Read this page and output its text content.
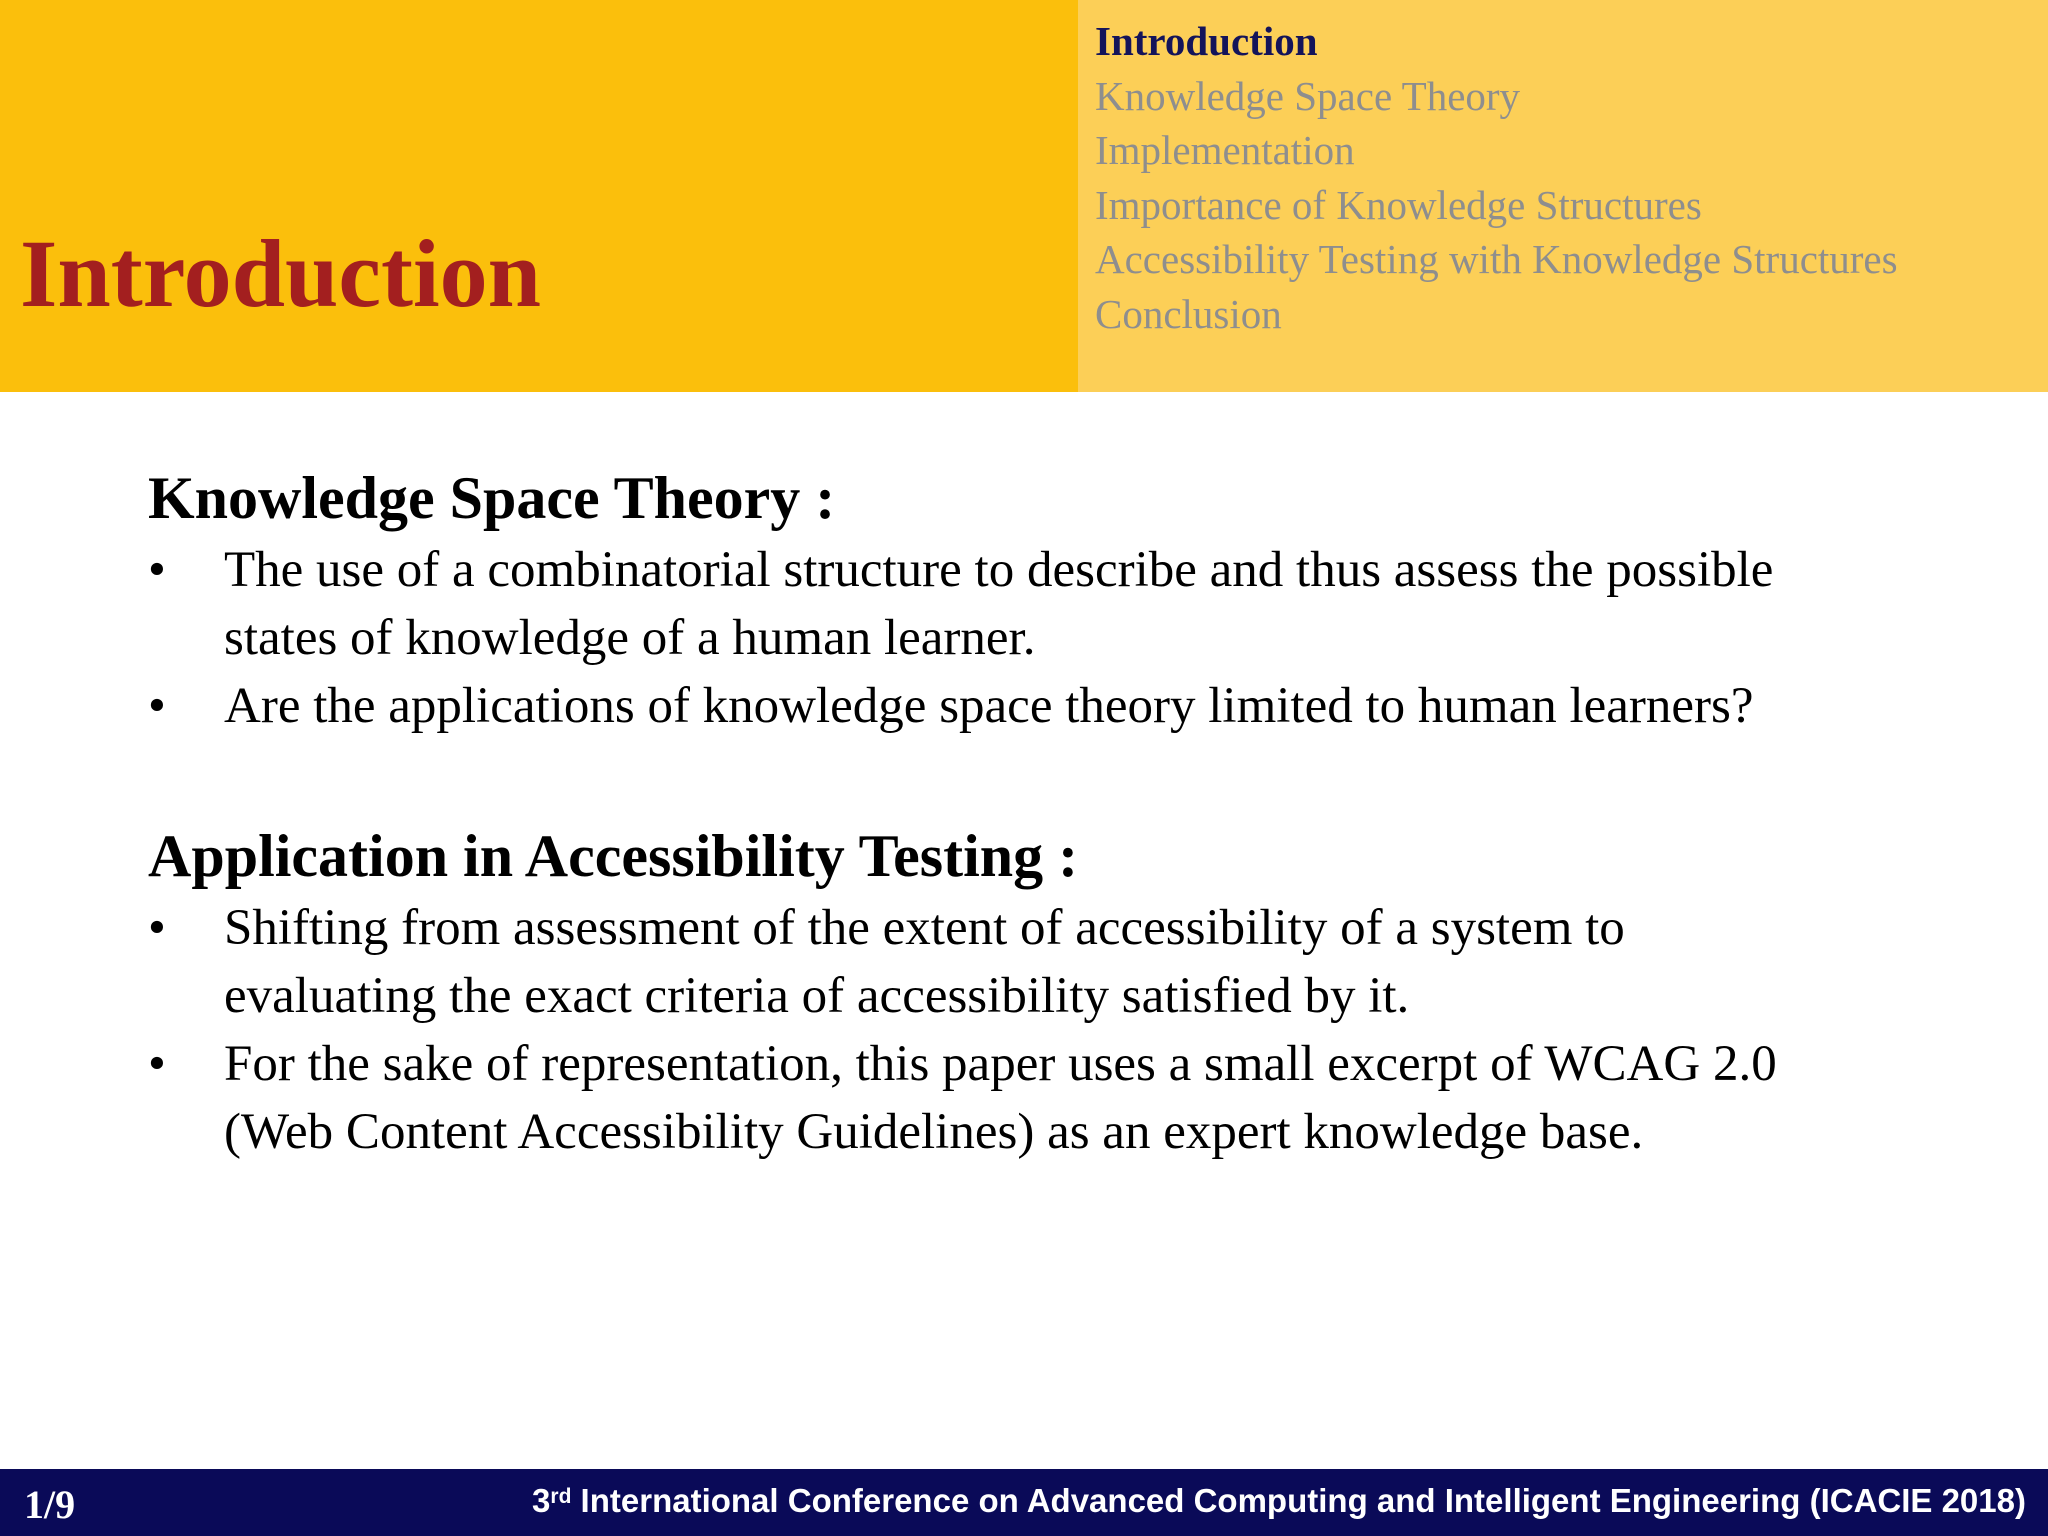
Introduction
Introduction
Knowledge Space Theory
Implementation
Importance of Knowledge Structures
Accessibility Testing with Knowledge Structures
Conclusion
Knowledge Space Theory :
• The use of a combinatorial structure to describe and thus assess the possible states of knowledge of a human learner.
• Are the applications of knowledge space theory limited to human learners?
Application in Accessibility Testing :
• Shifting from assessment of the extent of accessibility of a system to evaluating the exact criteria of accessibility satisfied by it.
• For the sake of representation, this paper uses a small excerpt of WCAG 2.0 (Web Content Accessibility Guidelines) as an expert knowledge base.
1/9	3rd International Conference on Advanced Computing and Intelligent Engineering (ICACIE 2018)
